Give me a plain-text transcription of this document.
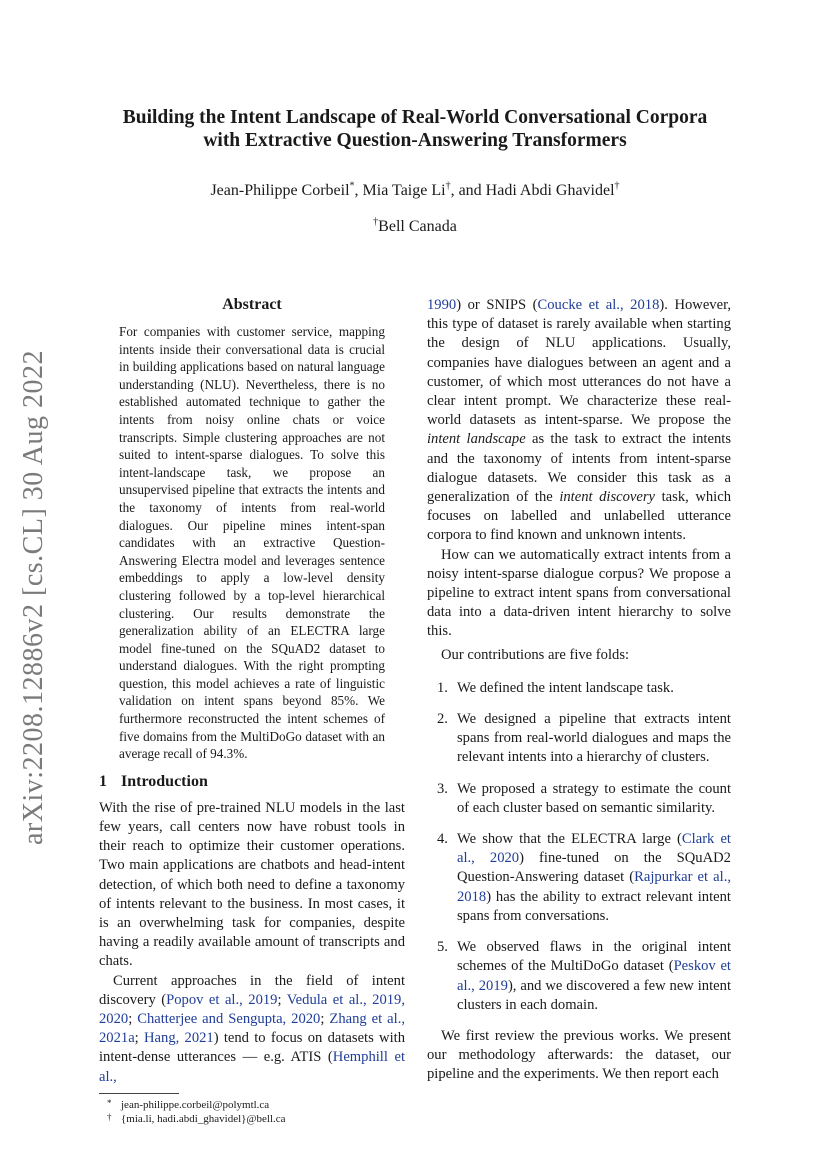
arXiv:2208.12886v2 [cs.CL] 30 Aug 2022
Building the Intent Landscape of Real-World Conversational Corpora
with Extractive Question-Answering Transformers
Jean-Philippe Corbeil*, Mia Taige Li†, and Hadi Abdi Ghavidel†
†Bell Canada
Abstract
For companies with customer service, mapping intents inside their conversational data is crucial in building applications based on natural language understanding (NLU). Nevertheless, there is no established automated technique to gather the intents from noisy online chats or voice transcripts. Simple clustering approaches are not suited to intent-sparse dialogues. To solve this intent-landscape task, we propose an unsupervised pipeline that extracts the intents and the taxonomy of intents from real-world dialogues. Our pipeline mines intent-span candidates with an extractive Question-Answering Electra model and leverages sentence embeddings to apply a low-level density clustering followed by a top-level hierarchical clustering. Our results demonstrate the generalization ability of an ELECTRA large model fine-tuned on the SQuAD2 dataset to understand dialogues. With the right prompting question, this model achieves a rate of linguistic validation on intent spans beyond 85%. We furthermore reconstructed the intent schemes of five domains from the MultiDoGo dataset with an average recall of 94.3%.
1 Introduction

With the rise of pre-trained NLU models in the last few years, call centers now have robust tools in their reach to optimize their customer operations. Two main applications are chatbots and head-intent detection, of which both need to define a taxonomy of intents relevant to the business. In most cases, it is an overwhelming task for companies, despite having a readily available amount of transcripts and chats.

Current approaches in the field of intent discovery (Popov et al., 2019; Vedula et al., 2019, 2020; Chatterjee and Sengupta, 2020; Zhang et al., 2021a; Hang, 2021) tend to focus on datasets with intent-dense utterances — e.g. ATIS (Hemphill et al.,

* jean-philippe.corbeil@polymtl.ca
† {mia.li, hadi.abdi_ghavidel}@bell.ca

1990) or SNIPS (Coucke et al., 2018). However, this type of dataset is rarely available when starting the design of NLU applications. Usually, companies have dialogues between an agent and a customer, of which most utterances do not have a clear intent prompt. We characterize these real-world datasets as intent-sparse. We propose the intent landscape as the task to extract the intents and the taxonomy of intents from intent-sparse dialogue datasets. We consider this task as a generalization of the intent discovery task, which focuses on labelled and unlabelled utterance corpora to find known and unknown intents.

How can we automatically extract intents from a noisy intent-sparse dialogue corpus? We propose a pipeline to extract intent spans from conversational data into a data-driven intent hierarchy to solve this.

Our contributions are five folds:

1. We defined the intent landscape task.
2. We designed a pipeline that extracts intent spans from real-world dialogues and maps the relevant intents into a hierarchy of clusters.
3. We proposed a strategy to estimate the count of each cluster based on semantic similarity.
4. We show that the ELECTRA large (Clark et al., 2020) fine-tuned on the SQuAD2 Question-Answering dataset (Rajpurkar et al., 2018) has the ability to extract relevant intent spans from conversations.
5. We observed flaws in the original intent schemes of the MultiDoGo dataset (Peskov et al., 2019), and we discovered a few new intent clusters in each domain.

We first review the previous works. We present our methodology afterwards: the dataset, our pipeline and the experiments. We then report each
